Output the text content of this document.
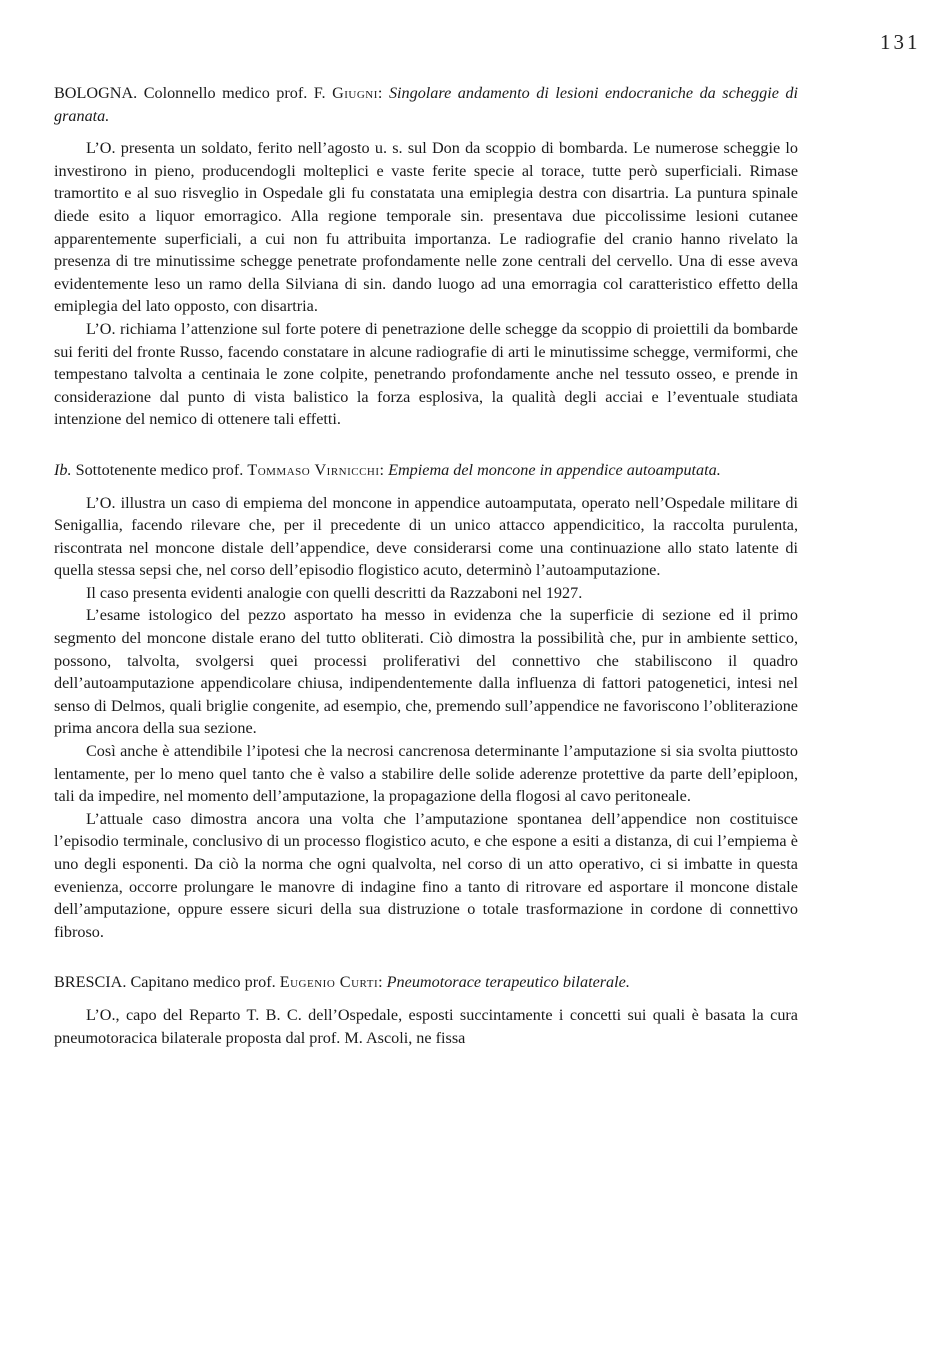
131

BOLOGNA. Colonnello medico prof. F. Giugni: Singolare andamento di lesioni endocraniche da scheggie di granata.

L’O. presenta un soldato, ferito nell’agosto u. s. sul Don da scoppio di bombarda. Le numerose scheggie lo investirono in pieno, producendogli molteplici e vaste ferite specie al torace, tutte però superficiali. Rimase tramortito e al suo risveglio in Ospedale gli fu constatata una emiplegia destra con disartria. La puntura spinale diede esito a liquor emorragico. Alla regione temporale sin. presentava due piccolissime lesioni cutanee apparentemente superficiali, a cui non fu attribuita importanza. Le radiografie del cranio hanno rivelato la presenza di tre minutissime schegge penetrate profondamente nelle zone centrali del cervello. Una di esse aveva evidentemente leso un ramo della Silviana di sin. dando luogo ad una emorragia col caratteristico effetto della emiplegia del lato opposto, con disartria.

L’O. richiama l’attenzione sul forte potere di penetrazione delle schegge da scoppio di proiettili da bombarde sui feriti del fronte Russo, facendo constatare in alcune radiografie di arti le minutissime schegge, vermiformi, che tempestano talvolta a centinaia le zone colpite, penetrando profondamente anche nel tessuto osseo, e prende in considerazione dal punto di vista balistico la forza esplosiva, la qualità degli acciai e l’eventuale studiata intenzione del nemico di ottenere tali effetti.

Ib. Sottotenente medico prof. Tommaso Virnicchi: Empiema del moncone in appendice autoamputata.

L’O. illustra un caso di empiema del moncone in appendice autoamputata, operato nell’Ospedale militare di Senigallia, facendo rilevare che, per il precedente di un unico attacco appendicitico, la raccolta purulenta, riscontrata nel moncone distale dell’appendice, deve considerarsi come una continuazione allo stato latente di quella stessa sepsi che, nel corso dell’episodio flogistico acuto, determinò l’autoamputazione.

Il caso presenta evidenti analogie con quelli descritti da Razzaboni nel 1927.

L’esame istologico del pezzo asportato ha messo in evidenza che la superficie di sezione ed il primo segmento del moncone distale erano del tutto obliterati. Ciò dimostra la possibilità che, pur in ambiente settico, possono, talvolta, svolgersi quei processi proliferativi del connettivo che stabiliscono il quadro dell’autoamputazione appendicolare chiusa, indipendentemente dalla influenza di fattori patogenetici, intesi nel senso di Delmos, quali briglie congenite, ad esempio, che, premendo sull’appendice ne favoriscono l’obliterazione prima ancora della sua sezione.

Così anche è attendibile l’ipotesi che la necrosi cancrenosa determinante l’amputazione si sia svolta piuttosto lentamente, per lo meno quel tanto che è valso a stabilire delle solide aderenze protettive da parte dell’epiploon, tali da impedire, nel momento dell’amputazione, la propagazione della flogosi al cavo peritoneale.

L’attuale caso dimostra ancora una volta che l’amputazione spontanea dell’appendice non costituisce l’episodio terminale, conclusivo di un processo flogistico acuto, e che espone a esiti a distanza, di cui l’empiema è uno degli esponenti. Da ciò la norma che ogni qualvolta, nel corso di un atto operativo, ci si imbatte in questa evenienza, occorre prolungare le manovre di indagine fino a tanto di ritrovare ed asportare il moncone distale dell’amputazione, oppure essere sicuri della sua distruzione o totale trasformazione in cordone di connettivo fibroso.

BRESCIA. Capitano medico prof. Eugenio Curti: Pneumotorace terapeutico bilaterale.

L’O., capo del Reparto T. B. C. dell’Ospedale, esposti succintamente i concetti sui quali è basata la cura pneumotoracica bilaterale proposta dal prof. M. Ascoli, ne fissa
